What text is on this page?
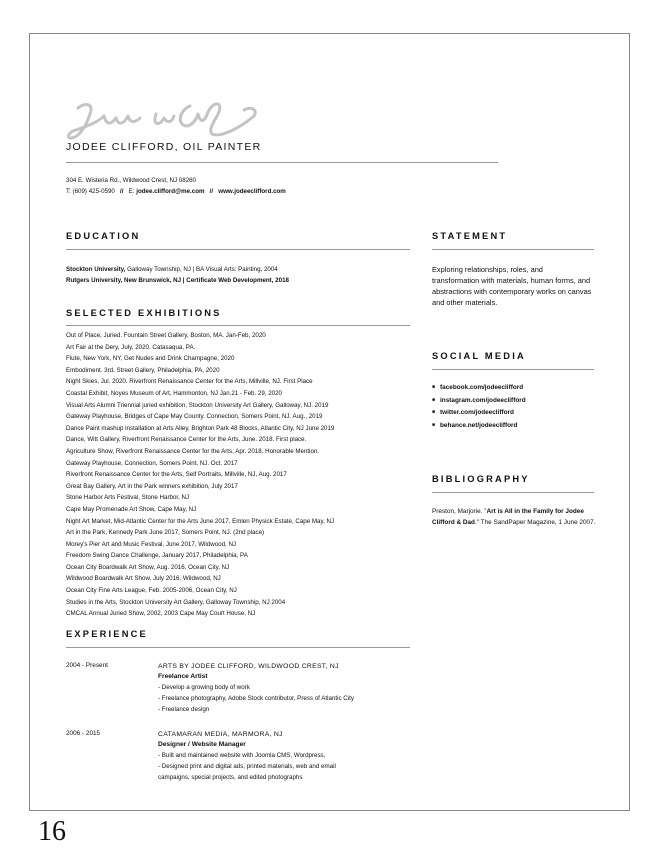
JODEE CLIFFORD, OIL PAINTER
304 E. Wisteria Rd., Wildwood Crest, NJ 08260
T: (609) 425-0590 // E: jodee.clifford@me.com // www.jodeeclifford.com
EDUCATION
Stockton University, Galloway Township, NJ | BA Visual Arts: Painting, 2004
Rutgers University, New Brunswick, NJ | Certificate Web Development, 2018
SELECTED EXHIBITIONS
Out of Place, Juried. Fountain Street Gallery, Boston, MA. Jan-Feb, 2020
Art Fair at the Dery, July, 2020. Catasaqua, PA.
Flute, New York, NY, Get Nudes and Drink Champagne, 2020
Embodiment. 3rd. Street Gallery, Philadelphia, PA, 2020
Night Skies, Jul. 2020. Riverfront Renaissance Center for the Arts, Millville, NJ. First Place
Coastal Exhibit, Noyes Museum of Art, Hammonton, NJ Jan.21 - Feb. 29, 2020
Visual Arts Alumni Triennial juried exhibition, Stockton University Art Gallery, Galloway, NJ. 2019
Gateway Playhouse, Bridges of Cape May County. Connection, Somers Point, NJ. Aug., 2019
Dance Paint mashup installation at Arts Alley, Brighton Park 48 Blocks, Atlantic City, NJ June 2019
Dance, Witt Gallery, Riverfront Renaissance Center for the Arts, June. 2018. First place.
Agriculture Show, Riverfront Renaissance Center for the Arts, Apr. 2018. Honorable Mention.
Gateway Playhouse, Connection, Somers Point, NJ. Oct. 2017
Riverfront Renaissance Center for the Arts, Self Portraits, Millville, NJ, Aug. 2017
Great Bay Gallery, Art in the Park winners exhibition, July 2017
Stone Harbor Arts Festival, Stone Harbor, NJ
Cape May Promenade Art Show, Cape May, NJ
Night Art Market, Mid-Atlantic Center for the Arts June 2017, Emlen Physick Estate, Cape May, NJ
Art in the Park, Kennedy Park June 2017, Somers Point, NJ. (2nd place)
Morey's Pier Art and Music Festival, June 2017, Wildwood, NJ
Freedom Swing Dance Challenge, January 2017, Philadelphia, PA
Ocean City Boardwalk Art Show, Aug. 2016, Ocean City, NJ
Wildwood Boardwalk Art Show, July 2016, Wildwood, NJ
Ocean City Fine Arts League, Feb. 2005-2006, Ocean City, NJ
Studies in the Arts, Stockton University Art Gallery, Galloway Township, NJ 2004
CMCAL Annual Juried Show, 2002, 2003 Cape May Court House, NJ
EXPERIENCE
2004 - Present	ARTS BY JODEE CLIFFORD, WILDWOOD CREST, NJ
Freelance Artist
- Develop a growing body of work
- Freelance photography, Adobe Stock contributor, Press of Atlantic City
- Freelance design
2006 - 2015	CATAMARAN MEDIA, MARMORA, NJ
Designer / Website Manager
- Built and maintained website with Joomla CMS, Wordpress,
- Designed print and digital ads, printed materials, web and email
campaigns, special projects, and edited photographs
STATEMENT
Exploring relationships, roles, and transformation with materials, human forms, and abstractions with contemporary works on canvas and other materials.
SOCIAL MEDIA
■ facebook.com/jodeeclifford
■ instagram.com/jodeeclifford
■ twitter.com/jodeeclifford
■ behance.net/jodeeclifford
BIBLIOGRAPHY
Preston, Marjorie. "Art is All in the Family for Jodee Clifford & Dad." The SandPaper Magazine, 1 June 2007.
16
